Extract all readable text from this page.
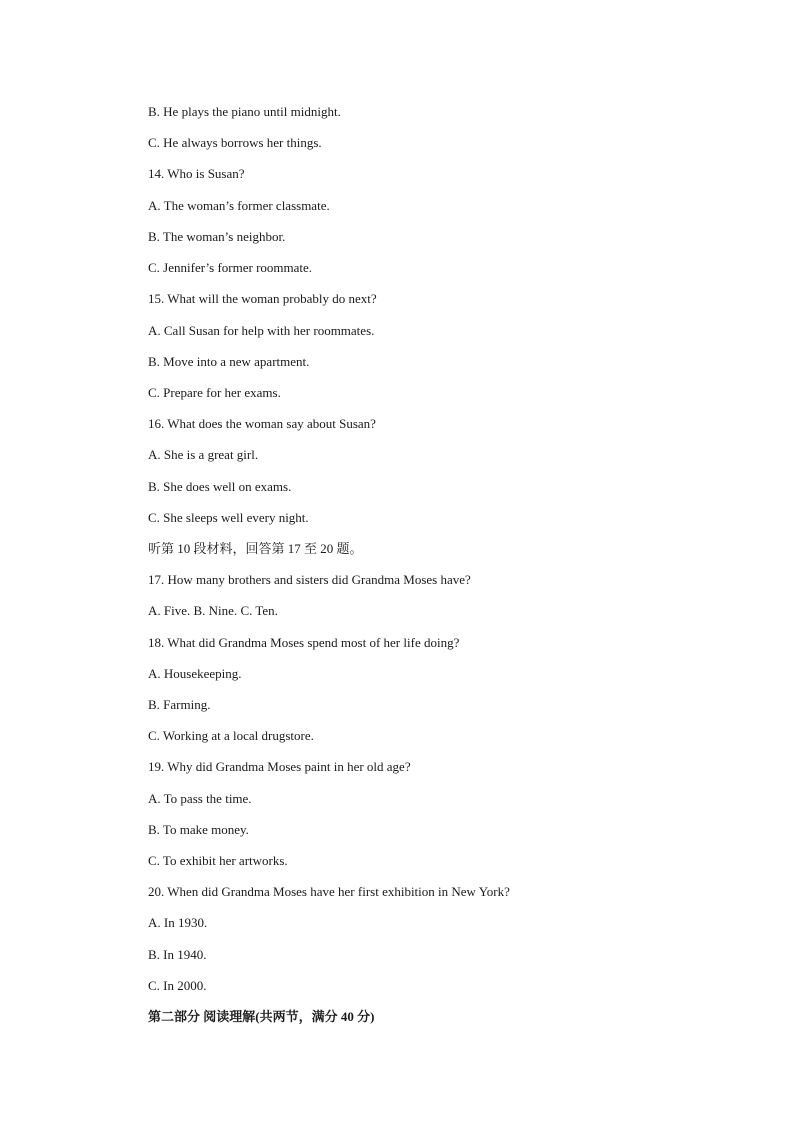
B. He plays the piano until midnight.
C. He always borrows her things.
14. Who is Susan?
A. The woman’s former classmate.
B. The woman’s neighbor.
C. Jennifer’s former roommate.
15. What will the woman probably do next?
A. Call Susan for help with her roommates.
B. Move into a new apartment.
C. Prepare for her exams.
16. What does the woman say about Susan?
A. She is a great girl.
B. She does well on exams.
C. She sleeps well every night.
听第 10 段材料，回答第 17 至 20 题。
17. How many brothers and sisters did Grandma Moses have?
A. Five. B. Nine. C. Ten.
18. What did Grandma Moses spend most of her life doing?
A. Housekeeping.
B. Farming.
C. Working at a local drugstore.
19. Why did Grandma Moses paint in her old age?
A. To pass the time.
B. To make money.
C. To exhibit her artworks.
20. When did Grandma Moses have her first exhibition in New York?
A. In 1930.
B. In 1940.
C. In 2000.
第二部分 阅读理解(共两节，满分 40 分)
